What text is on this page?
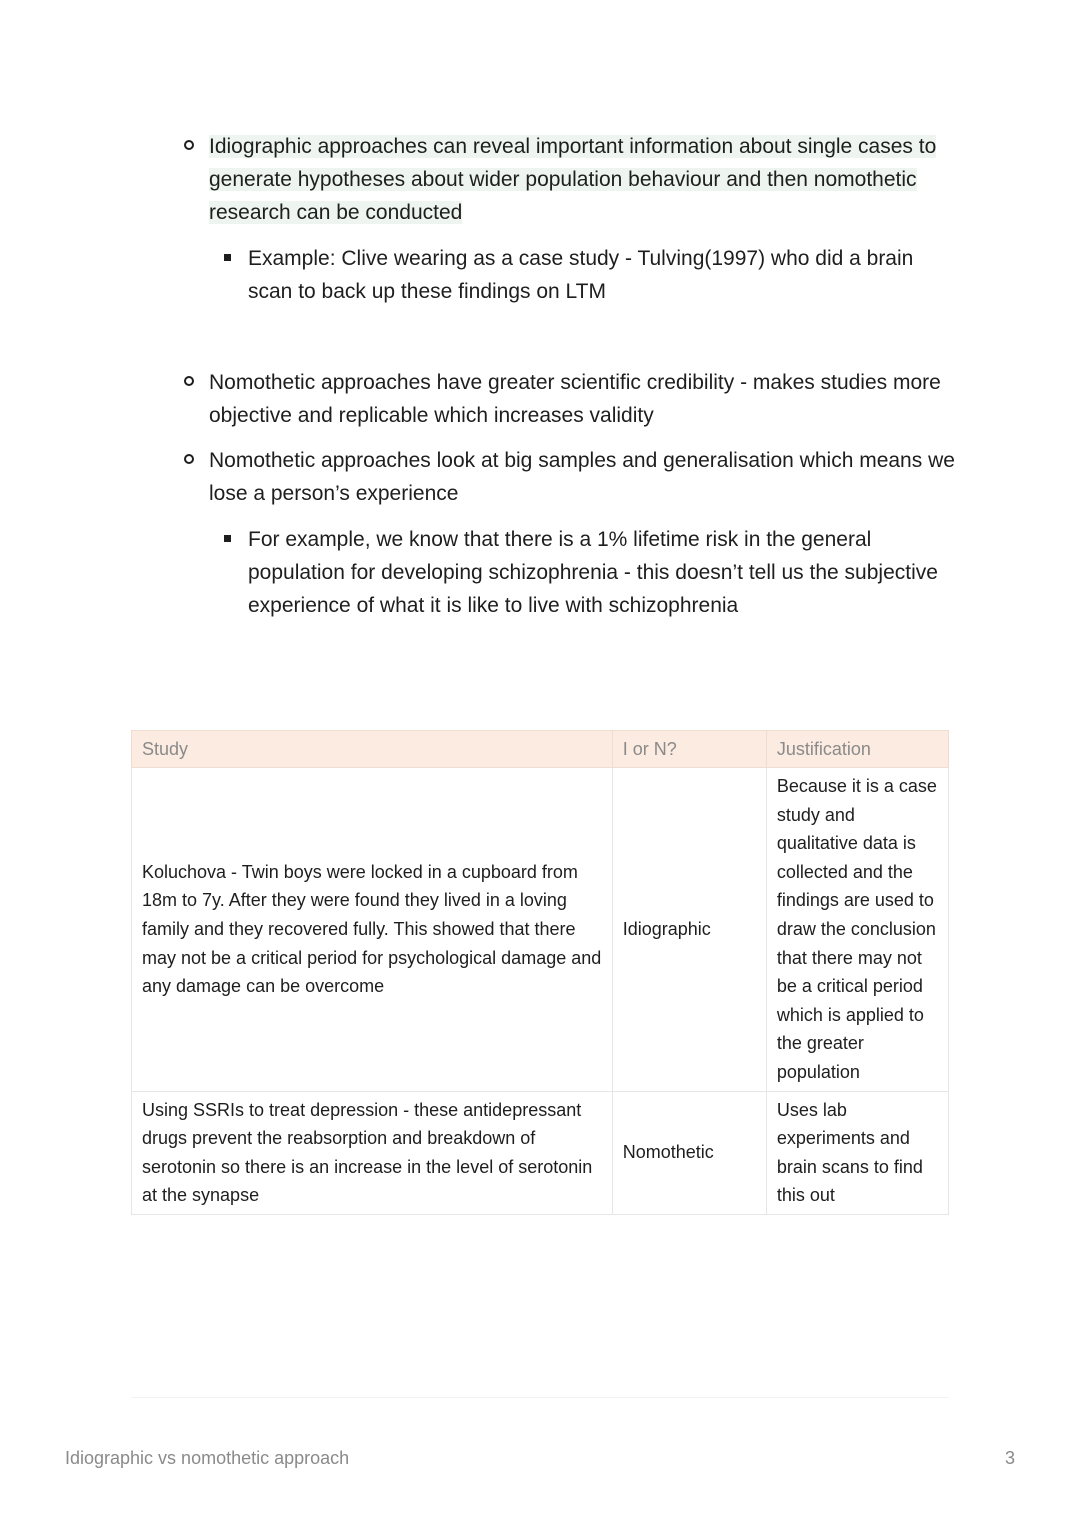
Idiographic approaches can reveal important information about single cases to generate hypotheses about wider population behaviour and then nomothetic research can be conducted
Example: Clive wearing as a case study - Tulving(1997) who did a brain scan to back up these findings on LTM
Nomothetic approaches have greater scientific credibility - makes studies more objective and replicable which increases validity
Nomothetic approaches look at big samples and generalisation which means we lose a person’s experience
For example, we know that there is a 1% lifetime risk in the general population for developing schizophrenia - this doesn’t tell us the subjective experience of what it is like to live with schizophrenia
Study	I or N?	Justification
Koluchova - Twin boys were locked in a cupboard from 18m to 7y. After they were found they lived in a loving family and they recovered fully. This showed that there may not be a critical period for psychological damage and any damage can be overcome	Idiographic	Because it is a case study and qualitative data is collected and the findings are used to draw the conclusion that there may not be a critical period which is applied to the greater population
Using SSRIs to treat depression - these antidepressant drugs prevent the reabsorption and breakdown of serotonin so there is an increase in the level of serotonin at the synapse	Nomothetic	Uses lab experiments and brain scans to find this out
Idiographic vs nomothetic approach	3
